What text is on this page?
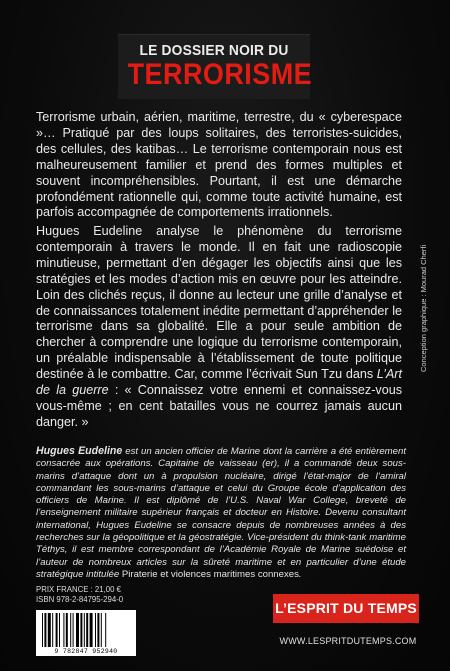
LE DOSSIER NOIR DU
TERRORISME
Terrorisme urbain, aérien, maritime, terrestre, du « cyberespace »… Pratiqué par des loups solitaires, des terroristes-suicides, des cellules, des katibas… Le terrorisme contemporain nous est malheureusement familier et prend des formes multiples et souvent incompréhensibles. Pourtant, il est une démarche profondément rationnelle qui, comme toute activité humaine, est parfois accompagnée de comportements irrationnels.
Hugues Eudeline analyse le phénomène du terrorisme contemporain à travers le monde. Il en fait une radioscopie minutieuse, permettant d’en dégager les objectifs ainsi que les stratégies et les modes d’action mis en œuvre pour les atteindre. Loin des clichés reçus, il donne au lecteur une grille d’analyse et de connaissances totalement inédite permettant d’appréhender le terrorisme dans sa globalité. Elle a pour seule ambition de chercher à comprendre une logique du terrorisme contemporain, un préalable indispensable à l’établissement de toute politique destinée à le combattre. Car, comme l’écrivait Sun Tzu dans L’Art de la guerre : « Connaissez votre ennemi et connaissez-vous vous-même ; en cent batailles vous ne courrez jamais aucun danger. »
Hugues Eudeline est un ancien officier de Marine dont la carrière a été entièrement consacrée aux opérations. Capitaine de vaisseau (er), il a commandé deux sous-marins d’attaque dont un à propulsion nucléaire, dirigé l’état-major de l’amiral commandant les sous-marins d’attaque et celui du Groupe école d’application des officiers de Marine. Il est diplômé de l’U.S. Naval War College, breveté de l’enseignement militaire supérieur français et docteur en Histoire. Devenu consultant international, Hugues Eudeline se consacre depuis de nombreuses années à des recherches sur la géopolitique et la géostratégie. Vice-président du think-tank maritime Téthys, il est membre correspondant de l’Académie Royale de Marine suédoise et l’auteur de nombreux articles sur la sûreté maritime et en particulier d’une étude stratégique intitulée Piraterie et violences maritimes connexes.
Conception graphique : Mourad Cherfi
PRIX FRANCE : 21,00 €
ISBN 978-2-84795-294-0
9 782847 952940
L’ESPRIT DU TEMPS
WWW.LESPRITDUTEMPS.COM
